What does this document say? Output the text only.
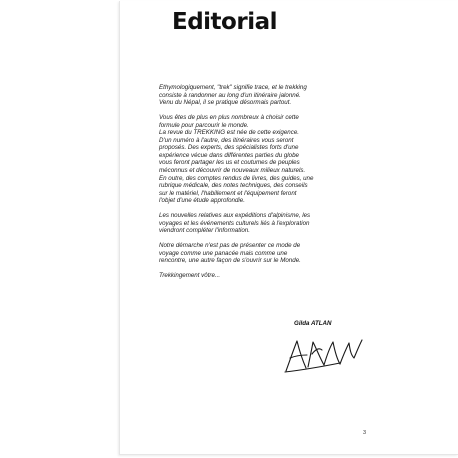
Editorial

Ethymologiquement, "trek" signifie trace, et le trekking
consiste à randonner au long d'un itinéraire jalonné.
Venu du Népal, il se pratique désormais partout.

Vous êtes de plus en plus nombreux à choisir cette
formule pour parcourir le monde.
La revue du TREKKING est née de cette exigence.
D'un numéro à l'autre, des itinéraires vous seront
proposés. Des experts, des spécialistes forts d'une
expérience vécue dans différentes parties du globe
vous feront partager les us et coutumes de peuples
méconnus et découvrir de nouveaux milieux naturels.
En outre, des comptes rendus de livres, des guides, une
rubrique médicale, des notes techniques, des conseils
sur le matériel, l'habillement et l'équipement feront
l'objet d'une étude approfondie.

Les nouvelles relatives aux expéditions d'alpinisme, les
voyages et les événements culturels liés à l'exploration
viendront compléter l'information.

Notre démarche n'est pas de présenter ce mode de
voyage comme une panacée mais comme une
rencontre, une autre façon de s'ouvrir sur le Monde.

Trekkingement vôtre...

Gilda ATLAN
3
